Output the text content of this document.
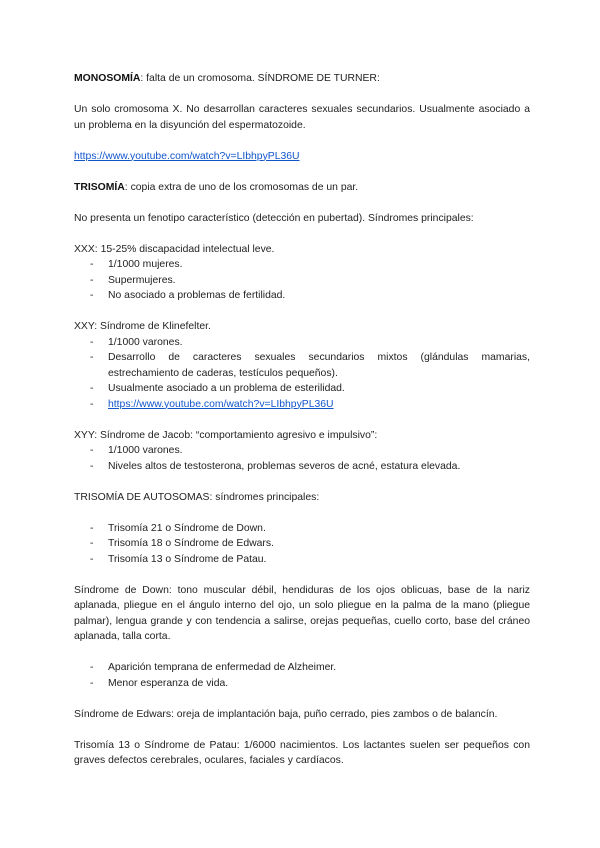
MONOSOMÍA: falta de un cromosoma. SÍNDROME DE TURNER:

Un solo cromosoma X. No desarrollan caracteres sexuales secundarios. Usualmente asociado a un problema en la disyunción del espermatozoide.

https://www.youtube.com/watch?v=LIbhpyPL36U

TRISOMÍA: copia extra de uno de los cromosomas de un par.

No presenta un fenotipo característico (detección en pubertad). Síndromes principales:

XXX: 15-25% discapacidad intelectual leve.

- 1/1000 mujeres.
- Supermujeres.
- No asociado a problemas de fertilidad.

XXY: Síndrome de Klinefelter.

- 1/1000 varones.
- Desarrollo de caracteres sexuales secundarios mixtos (glándulas mamarias, estrechamiento de caderas, testículos pequeños).
- Usualmente asociado a un problema de esterilidad.
- https://www.youtube.com/watch?v=LIbhpyPL36U

XYY: Síndrome de Jacob: “comportamiento agresivo e impulsivo”:

- 1/1000 varones.
- Niveles altos de testosterona, problemas severos de acné, estatura elevada.

TRISOMÍA DE AUTOSOMAS: síndromes principales:

- Trisomía 21 o Síndrome de Down.
- Trisomía 18 o Síndrome de Edwars.
- Trisomía 13 o Síndrome de Patau.

Síndrome de Down: tono muscular débil, hendiduras de los ojos oblicuas, base de la nariz aplanada, pliegue en el ángulo interno del ojo, un solo pliegue en la palma de la mano (pliegue palmar), lengua grande y con tendencia a salirse, orejas pequeñas, cuello corto, base del cráneo aplanada, talla corta.

- Aparición temprana de enfermedad de Alzheimer.
- Menor esperanza de vida.

Síndrome de Edwars: oreja de implantación baja, puño cerrado, pies zambos o de balancín.

Trisomía 13 o Síndrome de Patau: 1/6000 nacimientos. Los lactantes suelen ser pequeños con graves defectos cerebrales, oculares, faciales y cardíacos.
